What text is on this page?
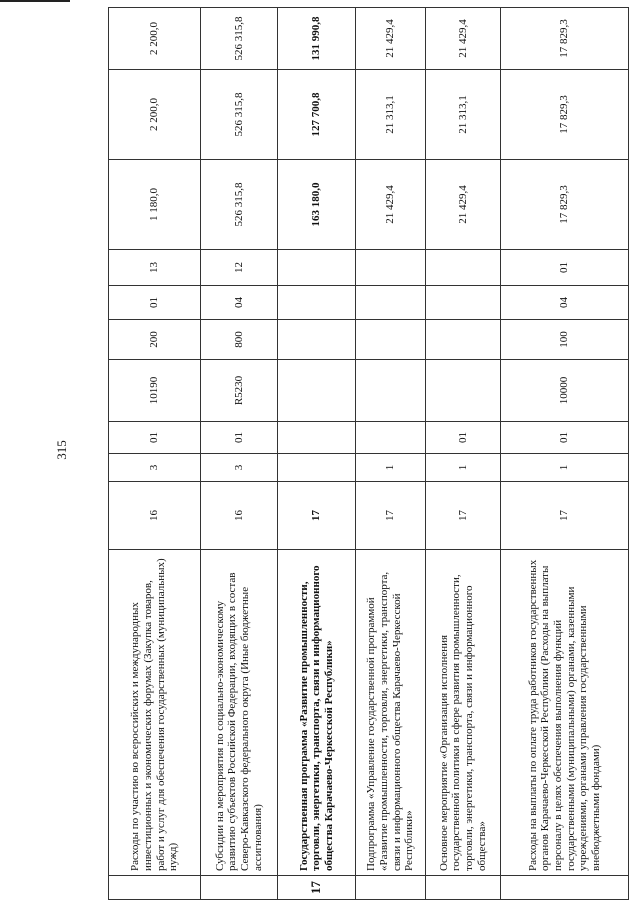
315
	Расходы по участию во всероссийских и международных инвестиционных и экономических форумах (Закупка товаров, работ и услуг для обеспечения государственных (муниципальных) нужд)	16	3	01	10190	200	01	13	1 180,0	2 200,0	2 200,0
	Субсидии на мероприятия по социально-экономическому развитию субъектов Российской Федерации, входящих в состав Северо-Кавказского федерального округа (Иные бюджетные ассигнования)	16	3	01	R5230	800	04	12	526 315,8	526 315,8	526 315,8
17	Государственная программа «Развитие промышленности, торговли, энергетики, транспорта, связи и информационного общества Карачаево-Черкесской Республики»	17							163 180,0	127 700,8	131 990,8
	Подпрограмма «Управление государственной программой «Развитие промышленности, торговли, энергетики, транспорта, связи и информационного общества Карачаево-Черкесской Республики»	17	1						21 429,4	21 313,1	21 429,4
	Основное мероприятие «Организация исполнения государственной политики в сфере развития промышленности, торговли, энергетики, транспорта, связи и информационного общества»	17	1	01					21 429,4	21 313,1	21 429,4
	Расходы на выплаты по оплате труда работников государственных органов Карачаево-Черкесской Республики (Расходы на выплаты персоналу в целях обеспечения выполнения функций государственными (муниципальными) органами, казенными учреждениями, органами управления государственными внебюджетными фондами)	17	1	01	10000	100	04	01	17 829,3	17 829,3	17 829,3
